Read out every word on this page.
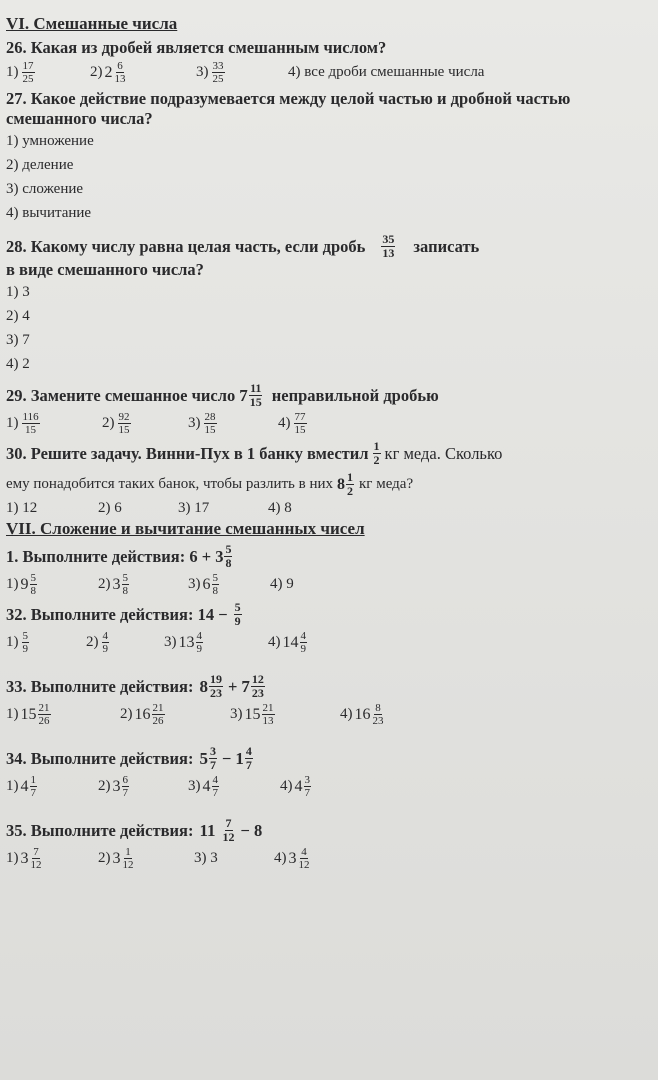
VI. Смешанные числа
26. Какая из дробей является смешанным числом?
$1) \frac{17}{25}$	2) $2 \frac{6}{13}$	$3) \frac{33}{25}$	4) все дроби смешанные числа
27. Какое действие подразумевается между целой частью и дробной частью смешанного числа?
1) умножение
2) деление
3) сложение
4) вычитание
28. Какому числу равна целая часть, если дробь $\frac{35}{13}$ записать
в виде смешанного числа?
1) 3
2) 4
3) 7
4) 2
29. Замените смешанное число $7 \frac{11}{15}$ неправильной дробью
$1) \frac{116}{15}$	$2) \frac{92}{15}$	$3) \frac{28}{15}$	$4) \frac{77}{15}$
30. Решите задачу. Винни-Пух в 1 банку вместил $\frac{1}{2}$ кг меда. Сколько
ему понадобится таких банок, чтобы разлить в них $8 \frac{1}{2}$ кг меда?
1) 12	2) 6	3) 17	4) 8
VII. Сложение и вычитание смешанных чисел
1. Выполните действия: $6 + 3 \frac{5}{8}$
1) $9 \frac{5}{8}$	2) $3 \frac{5}{8}$	3) $6 \frac{5}{8}$	4) 9
32. Выполните действия: $14 - \frac{5}{9}$
$1) \frac{5}{9}$	$2) \frac{4}{9}$	3) $13 \frac{4}{9}$	4) $14 \frac{4}{9}$
33. Выполните действия: $8 \frac{19}{23} + 7 \frac{12}{23}$
1) $15 \frac{21}{26}$	2) $16 \frac{21}{26}$	3) $15 \frac{21}{13}$	4) $16 \frac{8}{23}$
34. Выполните действия: $5 \frac{3}{7} - 1 \frac{4}{7}$
1) $4 \frac{1}{7}$	2) $3 \frac{6}{7}$	3) $4 \frac{4}{7}$	4) $4 \frac{3}{7}$
35. Выполните действия: $11 \frac{7}{12} - 8$
1) $3 \frac{7}{12}$	2) $3 \frac{1}{12}$	3) 3	4) $3 \frac{4}{12}$
